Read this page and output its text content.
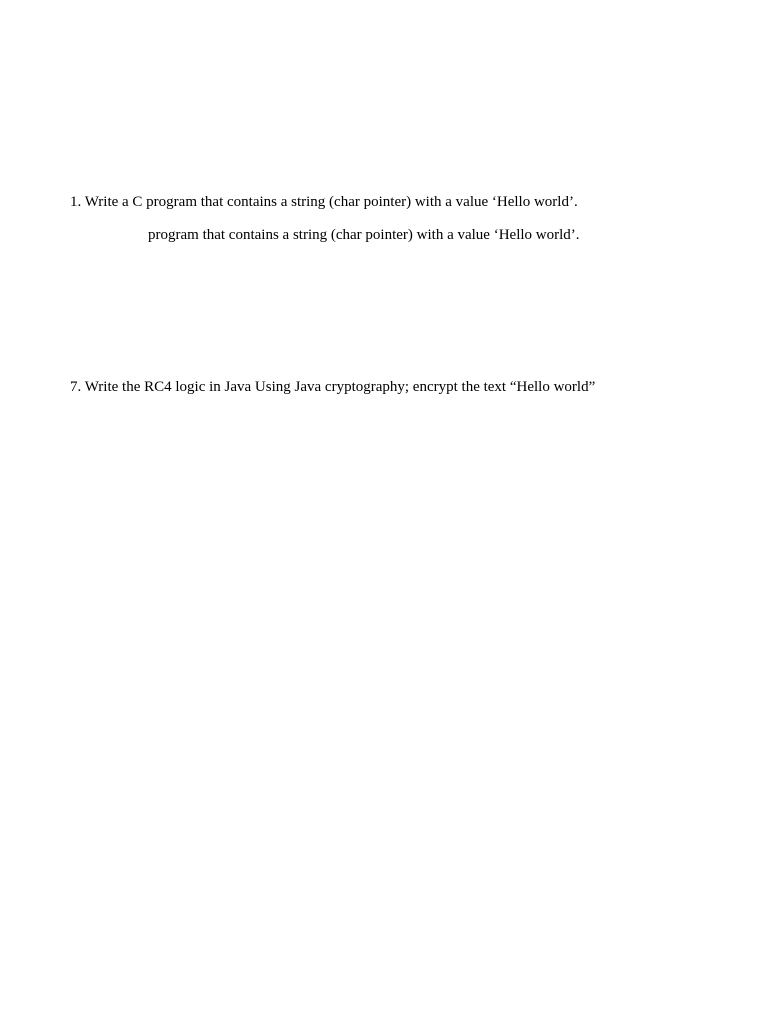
1. Write a C program that contains a string (char pointer) with a value ‘Hello world’.
program that contains a string (char pointer) with a value ‘Hello world’.
7. Write the RC4 logic in Java Using Java cryptography; encrypt the text “Hello world”
